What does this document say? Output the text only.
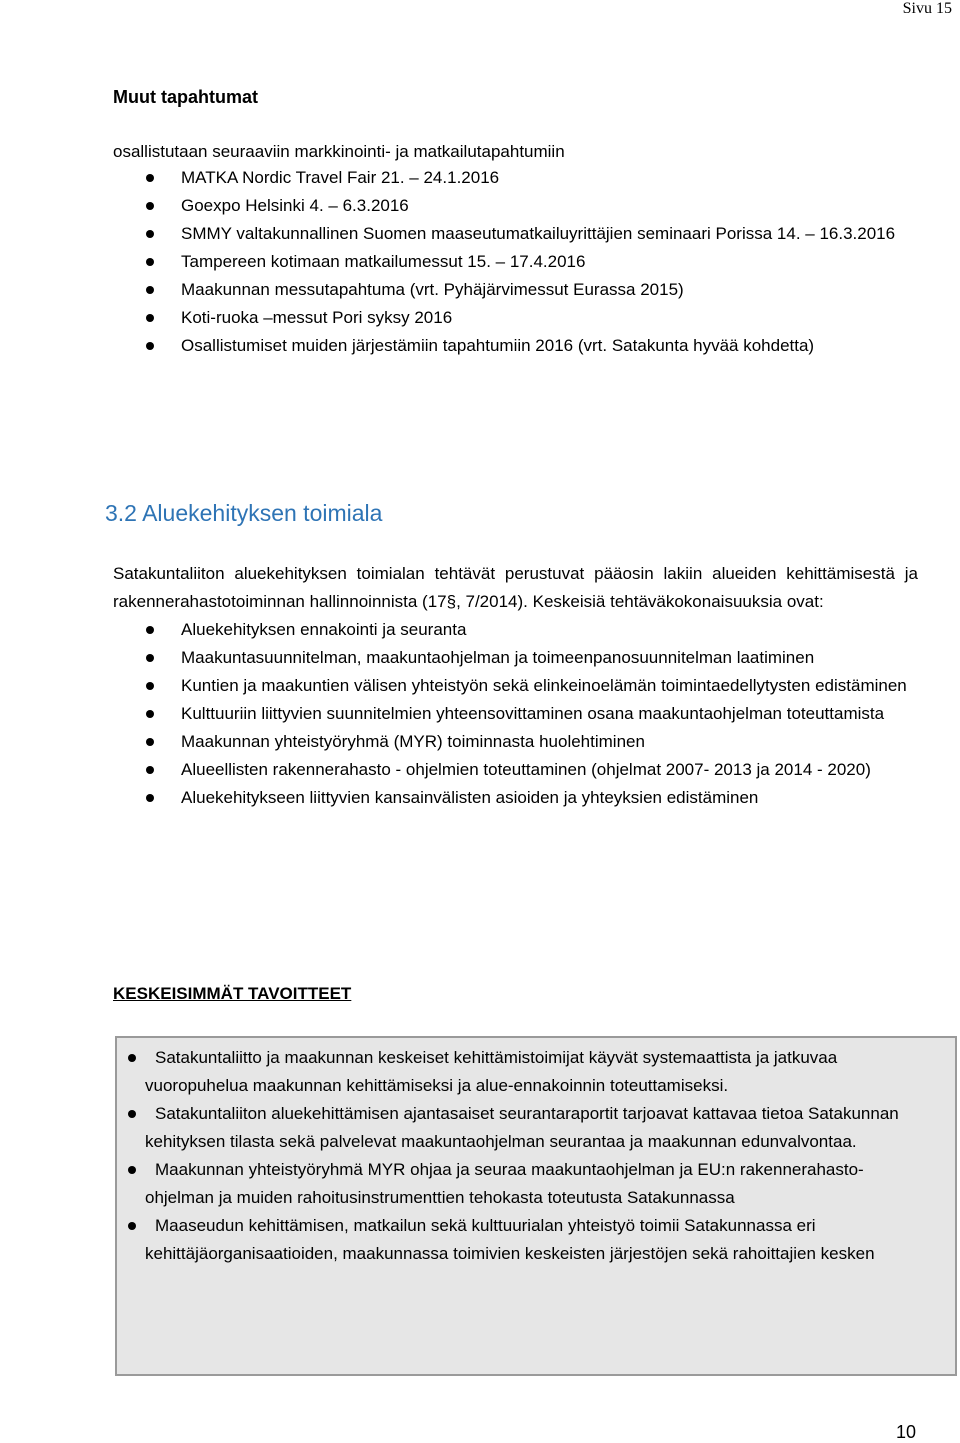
Sivu 15

Muut tapahtumat

osallistutaan seuraaviin markkinointi- ja matkailutapahtumiin

MATKA Nordic Travel Fair 21. – 24.1.2016
Goexpo Helsinki 4. – 6.3.2016
SMMY valtakunnallinen Suomen maaseutumatkailuyrittäjien seminaari Porissa 14. – 16.3.2016
Tampereen kotimaan matkailumessut 15. – 17.4.2016
Maakunnan messutapahtuma (vrt. Pyhäjärvimessut Eurassa 2015)
Koti-ruoka –messut Pori syksy 2016
Osallistumiset muiden järjestämiin tapahtumiin 2016 (vrt. Satakunta hyvää kohdetta)
3.2 Aluekehityksen toimiala

Satakuntaliiton aluekehityksen toimialan tehtävät perustuvat pääosin lakiin alueiden kehittämisestä ja rakennerahastotoiminnan hallinnoinnista (17§, 7/2014). Keskeisiä tehtäväkokonaisuuksia ovat:

Aluekehityksen ennakointi ja seuranta
Maakuntasuunnitelman, maakuntaohjelman ja toimeenpanosuunnitelman laatiminen
Kuntien ja maakuntien välisen yhteistyön sekä elinkeinoelämän toimintaedellytysten edistäminen
Kulttuuriin liittyvien suunnitelmien yhteensovittaminen osana maakuntaohjelman toteuttamista
Maakunnan yhteistyöryhmä (MYR) toiminnasta huolehtiminen
Alueellisten rakennerahasto - ohjelmien toteuttaminen (ohjelmat 2007- 2013 ja 2014 - 2020)
Aluekehitykseen liittyvien kansainvälisten asioiden ja yhteyksien edistäminen
KESKEISIMMÄT TAVOITTEET
Satakuntaliitto ja maakunnan keskeiset kehittämistoimijat käyvät systemaattista ja jatkuvaa vuoropuhelua maakunnan kehittämiseksi ja alue-ennakoinnin toteuttamiseksi.
Satakuntaliiton aluekehittämisen ajantasaiset seurantaraportit tarjoavat kattavaa tietoa Satakunnan kehityksen tilasta sekä palvelevat maakuntaohjelman seurantaa ja maakunnan edunvalvontaa.
Maakunnan yhteistyöryhmä MYR ohjaa ja seuraa maakuntaohjelman ja EU:n rakennerahasto-ohjelman ja muiden rahoitusinstrumenttien tehokasta toteutusta Satakunnassa
Maaseudun kehittämisen, matkailun sekä kulttuurialan yhteistyö toimii Satakunnassa eri kehittäjäorganisaatioiden, maakunnassa toimivien keskeisten järjestöjen sekä rahoittajien kesken
10
